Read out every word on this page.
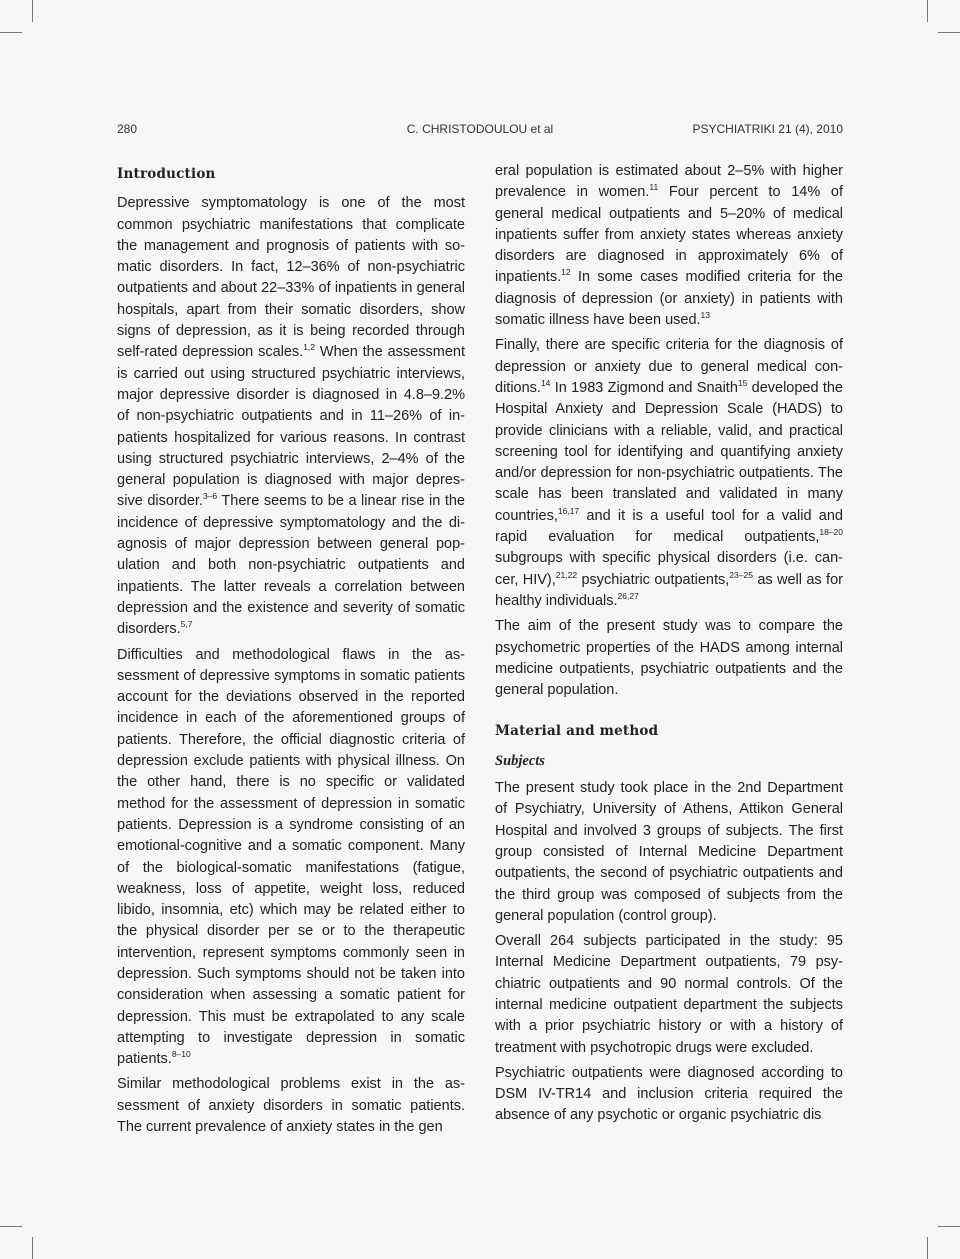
280	C. CHRISTODOULOU et al	PSYCHIATRIKI 21 (4), 2010
Introduction

Depressive symptomatology is one of the most common psychiatric manifestations that complicate the management and prognosis of patients with somatic disorders. In fact, 12–36% of non-psychiatric outpatients and about 22–33% of inpatients in general hospitals, apart from their somatic disorders, show signs of depression, as it is being recorded through self-rated depression scales.$^{1,2}$ When the assessment is carried out using structured psychiatric interviews, major depressive disorder is diagnosed in 4.8–9.2% of non-psychiatric outpatients and in 11–26% of inpatients hospitalized for various reasons. In contrast using structured psychiatric interviews, 2–4% of the general population is diagnosed with major depressive disorder.$^{3-6}$ There seems to be a linear rise in the incidence of depressive symptomatology and the diagnosis of major depression between general population and both non-psychiatric outpatients and inpatients. The latter reveals a correlation between depression and the existence and severity of somatic disorders.$^{5,7}$

Difficulties and methodological flaws in the assessment of depressive symptoms in somatic patients account for the deviations observed in the reported incidence in each of the aforementioned groups of patients. Therefore, the official diagnostic criteria of depression exclude patients with physical illness. On the other hand, there is no specific or validated method for the assessment of depression in somatic patients. Depression is a syndrome consisting of an emotional-cognitive and a somatic component. Many of the biological-somatic manifestations (fatigue, weakness, loss of appetite, weight loss, reduced libido, insomnia, etc) which may be related either to the physical disorder per se or to the therapeutic intervention, represent symptoms commonly seen in depression. Such symptoms should not be taken into consideration when assessing a somatic patient for depression. This must be extrapolated to any scale attempting to investigate depression in somatic patients.$^{8-10}$

Similar methodological problems exist in the assessment of anxiety disorders in somatic patients. The current prevalence of anxiety states in the gen

eral population is estimated about 2–5% with higher prevalence in women.$^{11}$ Four percent to 14% of general medical outpatients and 5–20% of medical inpatients suffer from anxiety states whereas anxiety disorders are diagnosed in approximately 6% of inpatients.$^{12}$ In some cases modified criteria for the diagnosis of depression (or anxiety) in patients with somatic illness have been used.$^{13}$

Finally, there are specific criteria for the diagnosis of depression or anxiety due to general medical conditions.$^{14}$ In 1983 Zigmond and Snaith$^{15}$ developed the Hospital Anxiety and Depression Scale (HADS) to provide clinicians with a reliable, valid, and practical screening tool for identifying and quantifying anxiety and/or depression for non-psychiatric outpatients. The scale has been translated and validated in many countries,$^{16,17}$ and it is a useful tool for a valid and rapid evaluation for medical outpatients,$^{18-20}$ subgroups with specific physical disorders (i.e. cancer, HIV),$^{21,22}$ psychiatric outpatients,$^{23-25}$ as well as for healthy individuals.$^{26,27}$

The aim of the present study was to compare the psychometric properties of the HADS among internal medicine outpatients, psychiatric outpatients and the general population.

Material and method
Subjects

The present study took place in the 2nd Department of Psychiatry, University of Athens, Attikon General Hospital and involved 3 groups of subjects. The first group consisted of Internal Medicine Department outpatients, the second of psychiatric outpatients and the third group was composed of subjects from the general population (control group).

Overall 264 subjects participated in the study: 95 Internal Medicine Department outpatients, 79 psychiatric outpatients and 90 normal controls. Of the internal medicine outpatient department the subjects with a prior psychiatric history or with a history of treatment with psychotropic drugs were excluded.

Psychiatric outpatients were diagnosed according to DSM IV-TR14 and inclusion criteria required the absence of any psychotic or organic psychiatric dis
